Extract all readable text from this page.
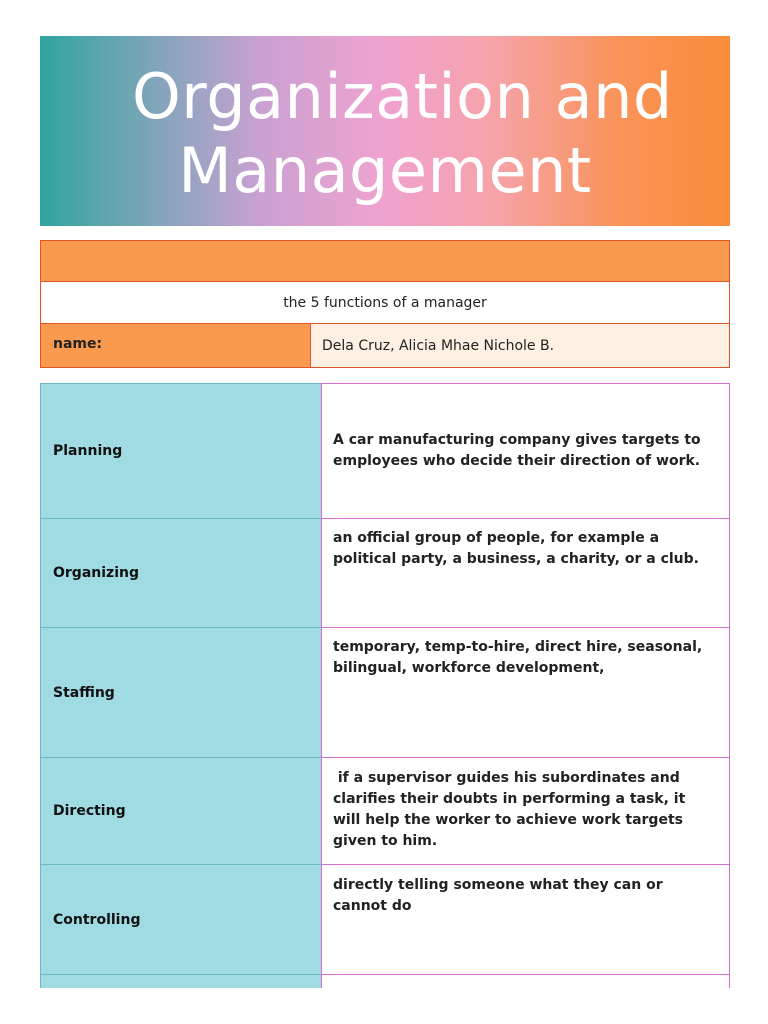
Organization and
Management

the 5 functions of a manager
name:	Dela Cruz, Alicia Mhae Nichole B.
Planning	A car manufacturing company gives targets to employees who decide their direction of work.
Organizing	an official group of people, for example a political party, a business, a charity, or a club.
Staffing	temporary, temp-to-hire, direct hire, seasonal, bilingual, workforce development,
Directing	if a supervisor guides his subordinates and clarifies their doubts in performing a task, it will help the worker to achieve work targets given to him.
Controlling	directly telling someone what they can or cannot do
